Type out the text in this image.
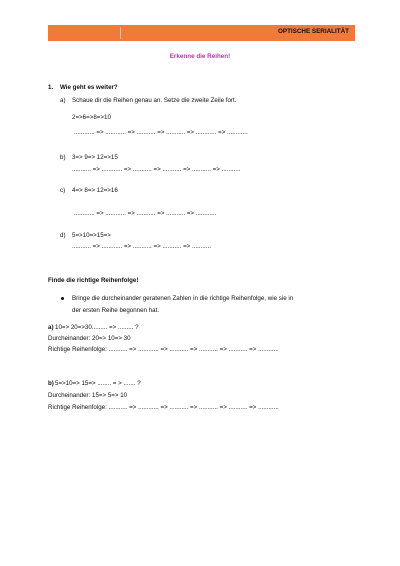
OPTISCHE SERIALITÄT
Erkenne die Reihen!
1. Wie geht es weiter?
a) Schaue dir die Reihen genau an. Setze die zweite Zeile fort.
2=>6=>8=>10
............ => ............ => ........... => ........... => ............ => ............
b) 3=> 9=> 12=>15
........... => ............ => ........... => ........... => ........... => ...........
c) 4=> 8=> 12=>16
............ => ............ => ........... => ........... => ............
d) 5=>10=>15=>
........... => ............ => ........... => ........... => ...........
Finde die richtige Reihenfolge!
Bringe die durcheinander geratenen Zahlen in die richtige Reihenfolge, wie sie in
der ersten Reihe begonnen hat.
a) 10=> 20=>30......... => ......... ?
Durcheinander: 20=> 10=> 30
Richtige Reihenfolge: ........... => ............ => ........... => ........... => ........... => ............
b) 5=>10=> 15=> ........ = > ....... ?
Durcheinander: 15=> 5=> 10
Richtige Reihenfolge: ........... => ............ => ........... => ........... => ........... => ............
